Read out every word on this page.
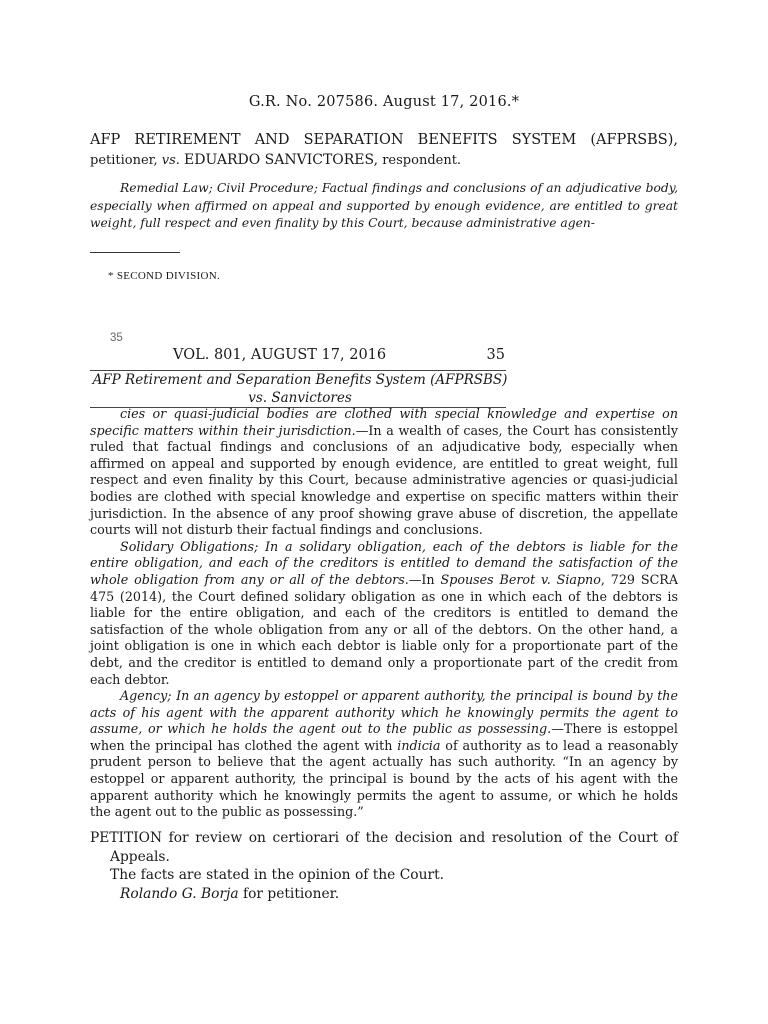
G.R. No. 207586. August 17, 2016.*
AFP RETIREMENT AND SEPARATION BENEFITS SYSTEM (AFPRSBS),
petitioner, vs. EDUARDO SANVICTORES, respondent.
Remedial Law; Civil Procedure; Factual findings and conclusions of an adjudicative body, especially when affirmed on appeal and supported by enough evidence, are entitled to great weight, full respect and even finality by this Court, because administrative agen-
* SECOND DIVISION.
35
VOL. 801, AUGUST 17, 2016	35
AFP Retirement and Separation Benefits System (AFPRSBS)
vs. Sanvictores

cies or quasi-judicial bodies are clothed with special knowledge and expertise on specific matters within their jurisdiction.—In a wealth of cases, the Court has consistently ruled that factual findings and conclusions of an adjudicative body, especially when affirmed on appeal and supported by enough evidence, are entitled to great weight, full respect and even finality by this Court, because administrative agencies or quasi-judicial bodies are clothed with special knowledge and expertise on specific matters within their jurisdiction. In the absence of any proof showing grave abuse of discretion, the appellate courts will not disturb their factual findings and conclusions.

Solidary Obligations; In a solidary obligation, each of the debtors is liable for the entire obligation, and each of the creditors is entitled to demand the satisfaction of the whole obligation from any or all of the debtors.—In Spouses Berot v. Siapno, 729 SCRA 475 (2014), the Court defined solidary obligation as one in which each of the debtors is liable for the entire obligation, and each of the creditors is entitled to demand the satisfaction of the whole obligation from any or all of the debtors. On the other hand, a joint obligation is one in which each debtor is liable only for a proportionate part of the debt, and the creditor is entitled to demand only a proportionate part of the credit from each debtor.

Agency; In an agency by estoppel or apparent authority, the principal is bound by the acts of his agent with the apparent authority which he knowingly permits the agent to assume, or which he holds the agent out to the public as possessing.—There is estoppel when the principal has clothed the agent with indicia of authority as to lead a reasonably prudent person to believe that the agent actually has such authority. “In an agency by estoppel or apparent authority, the principal is bound by the acts of his agent with the apparent authority which he knowingly permits the agent to assume, or which he holds the agent out to the public as possessing.”

PETITION for review on certiorari of the decision and resolution of the Court of Appeals.

The facts are stated in the opinion of the Court.

Rolando G. Borja for petitioner.
